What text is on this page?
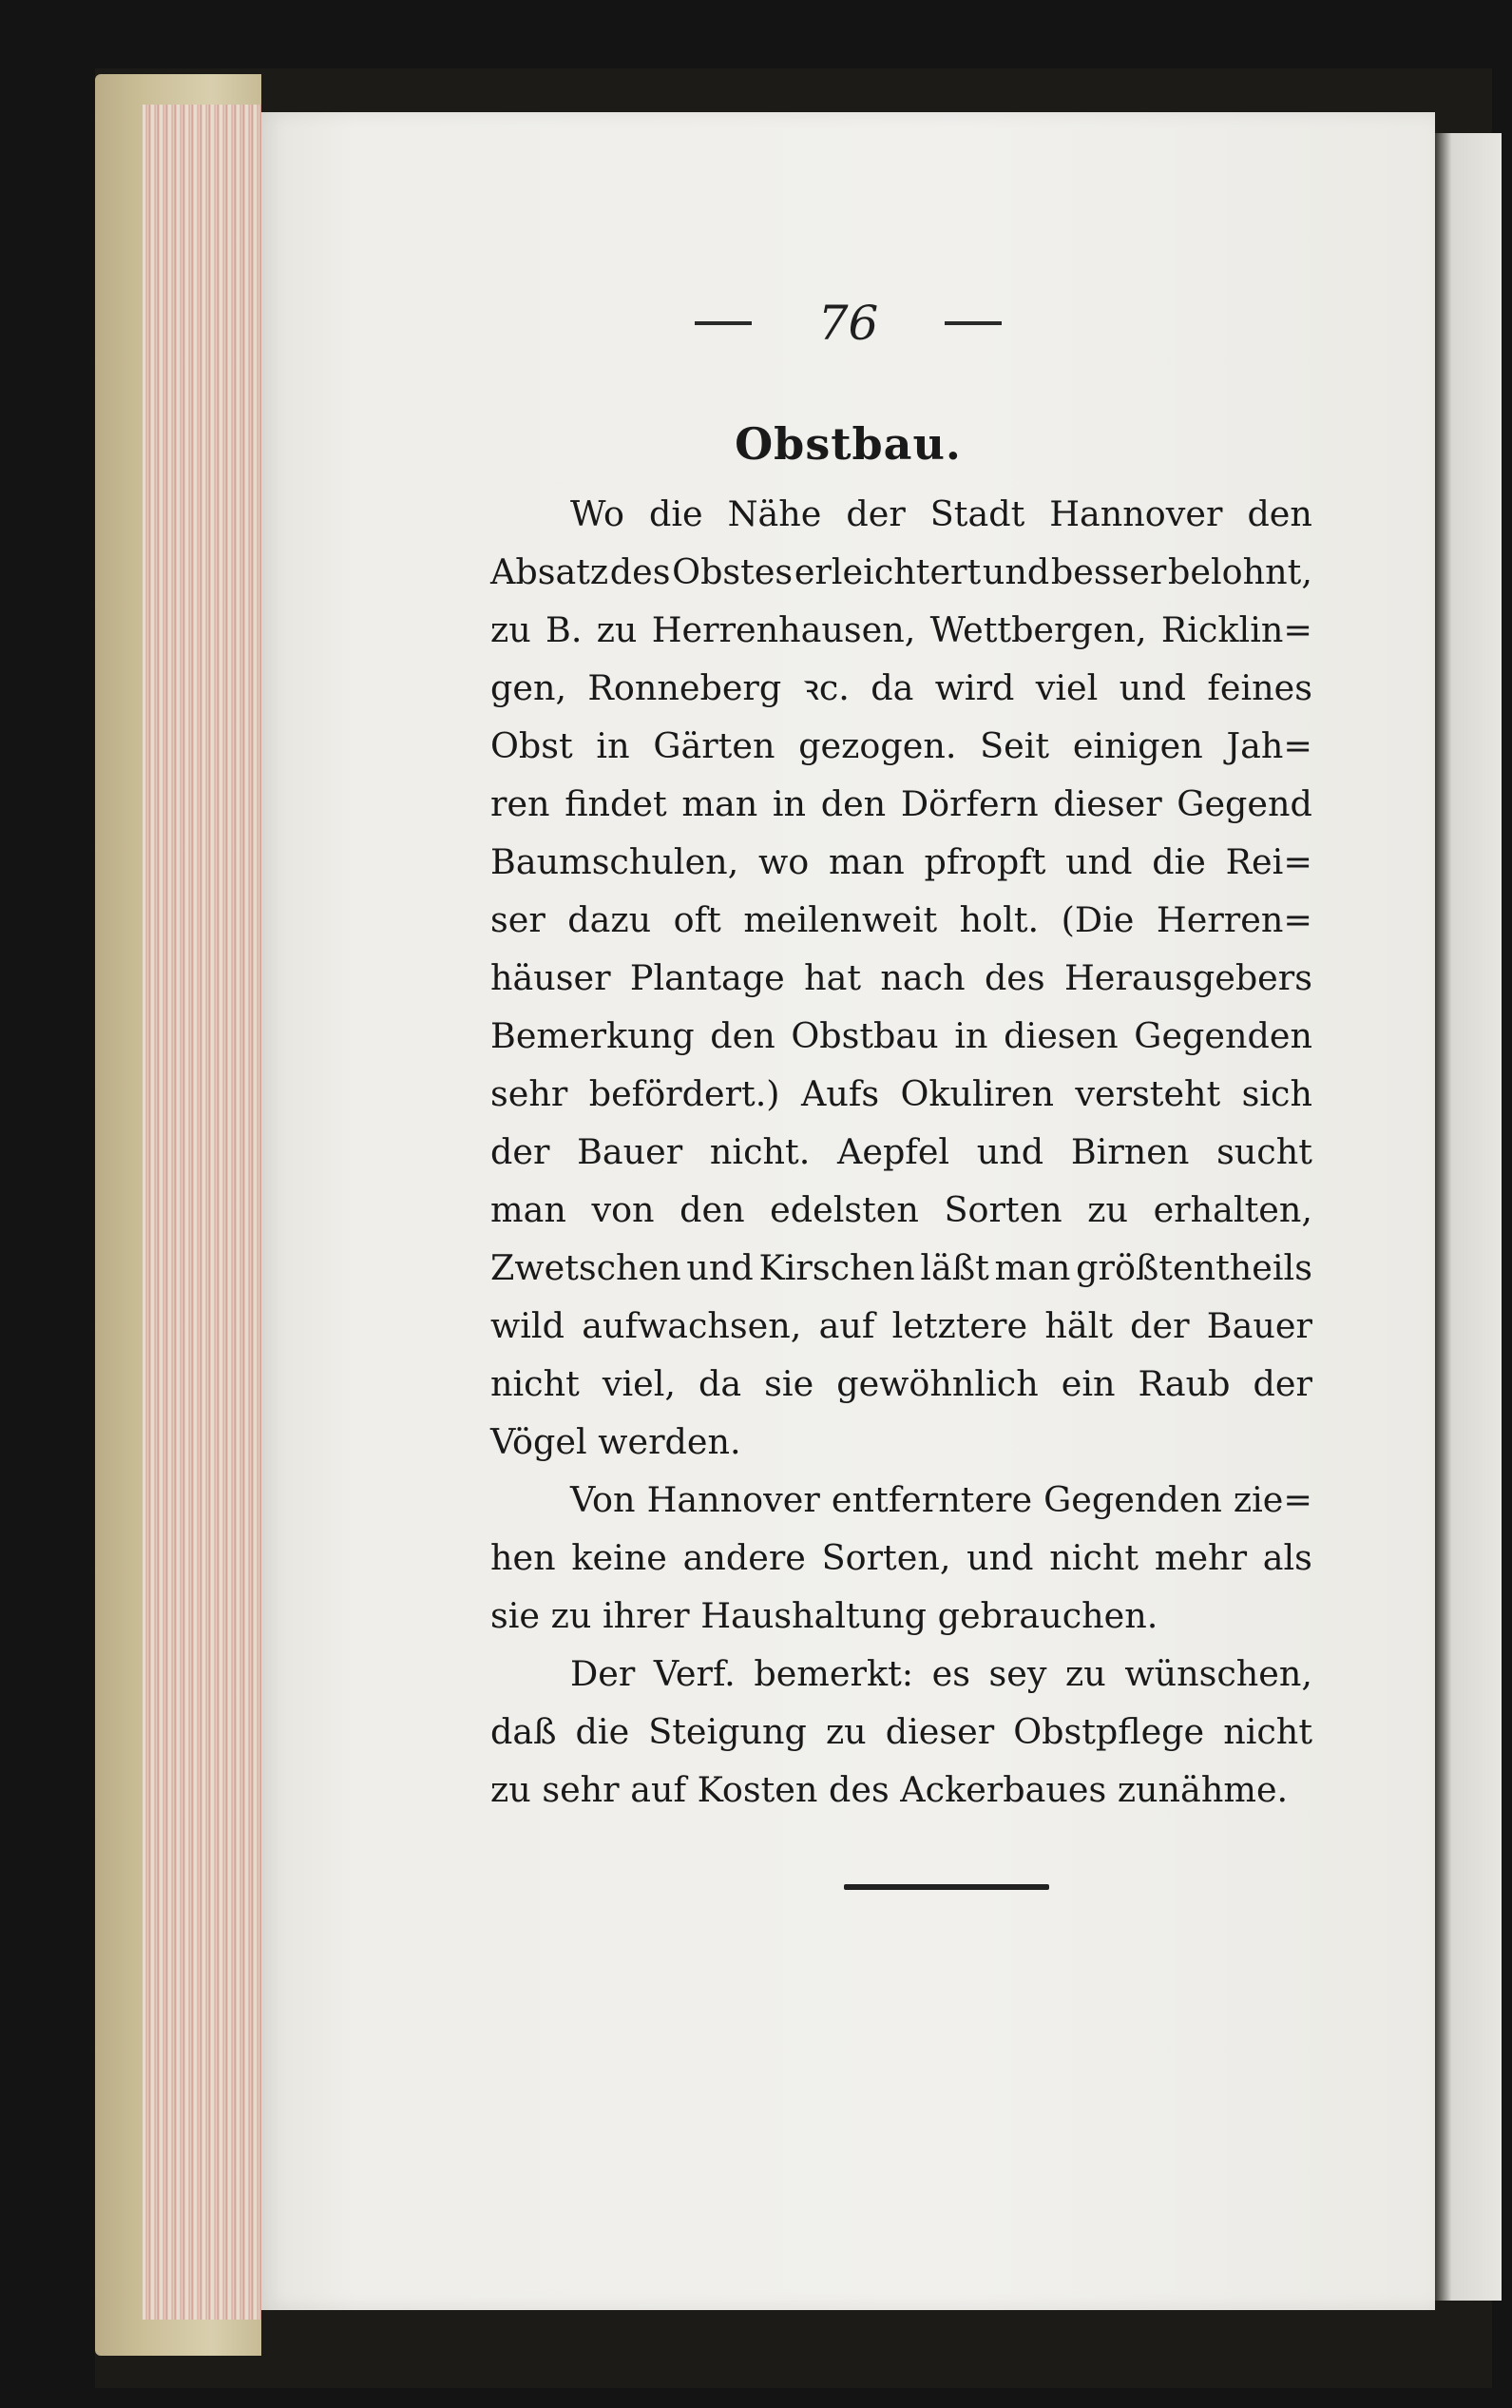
76
Obstbau.
Wo die Nähe der Stadt Hannover den
Absatz des Obstes erleichtert und besser belohnt,
zu B. zu Herrenhausen, Wettbergen, Ricklin=
gen, Ronneberg ꝛc. da wird viel und feines
Obst in Gärten gezogen. Seit einigen Jah=
ren findet man in den Dörfern dieser Gegend
Baumschulen, wo man pfropft und die Rei=
ser dazu oft meilenweit holt. (Die Herren=
häuser Plantage hat nach des Herausgebers
Bemerkung den Obstbau in diesen Gegenden
sehr befördert.) Aufs Okuliren versteht sich
der Bauer nicht. Aepfel und Birnen sucht
man von den edelsten Sorten zu erhalten,
Zwetschen und Kirschen läßt man größtentheils
wild aufwachsen, auf letztere hält der Bauer
nicht viel, da sie gewöhnlich ein Raub der
Vögel werden.
Von Hannover entferntere Gegenden zie=
hen keine andere Sorten, und nicht mehr als
sie zu ihrer Haushaltung gebrauchen.
Der Verf. bemerkt: es sey zu wünschen,
daß die Steigung zu dieser Obstpflege nicht
zu sehr auf Kosten des Ackerbaues zunähme.
